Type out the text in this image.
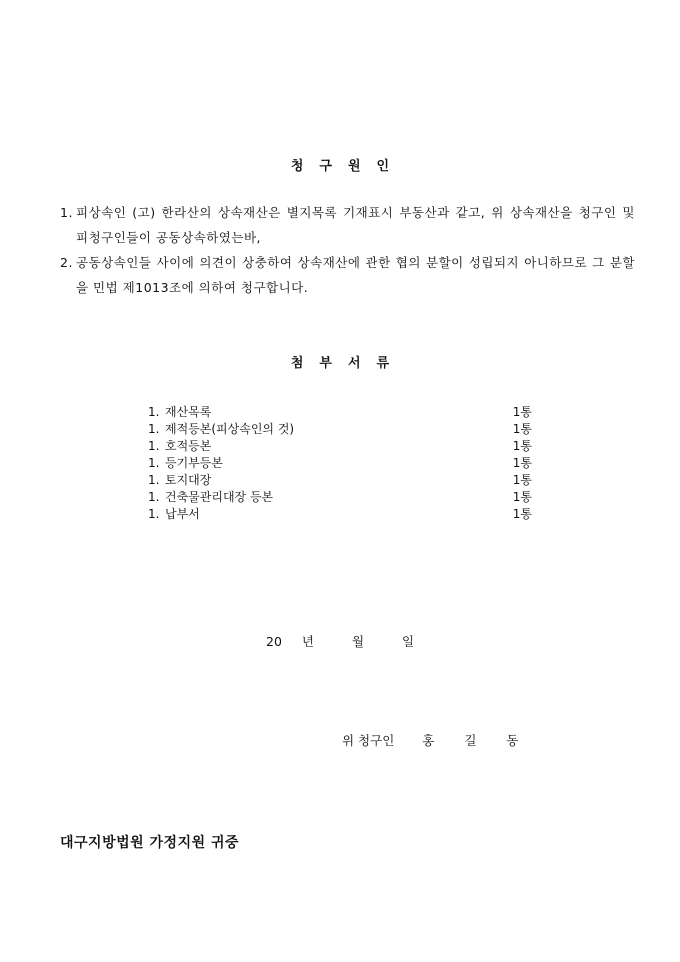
청구원인
1. 피상속인 (고) 한라산의 상속재산은 별지목록 기재표시 부동산과 같고, 위 상속재산을 청구인 및 피청구인들이 공동상속하였는바,
2. 공동상속인들 사이에 의견이 상충하여 상속재산에 관한 협의 분할이 성립되지 아니하므로 그 분할을 민법 제1013조에 의하여 청구합니다.
첨부서류
1. 재산목록	1통
1. 제적등본(피상속인의 것)	1통
1. 호적등본	1통
1. 등기부등본	1통
1. 토지대장	1통
1. 건축물관리대장 등본	1통
1. 납부서	1통
20 년	월	일
위 청구인 홍 길 동
대구지방법원 가정지원 귀중
